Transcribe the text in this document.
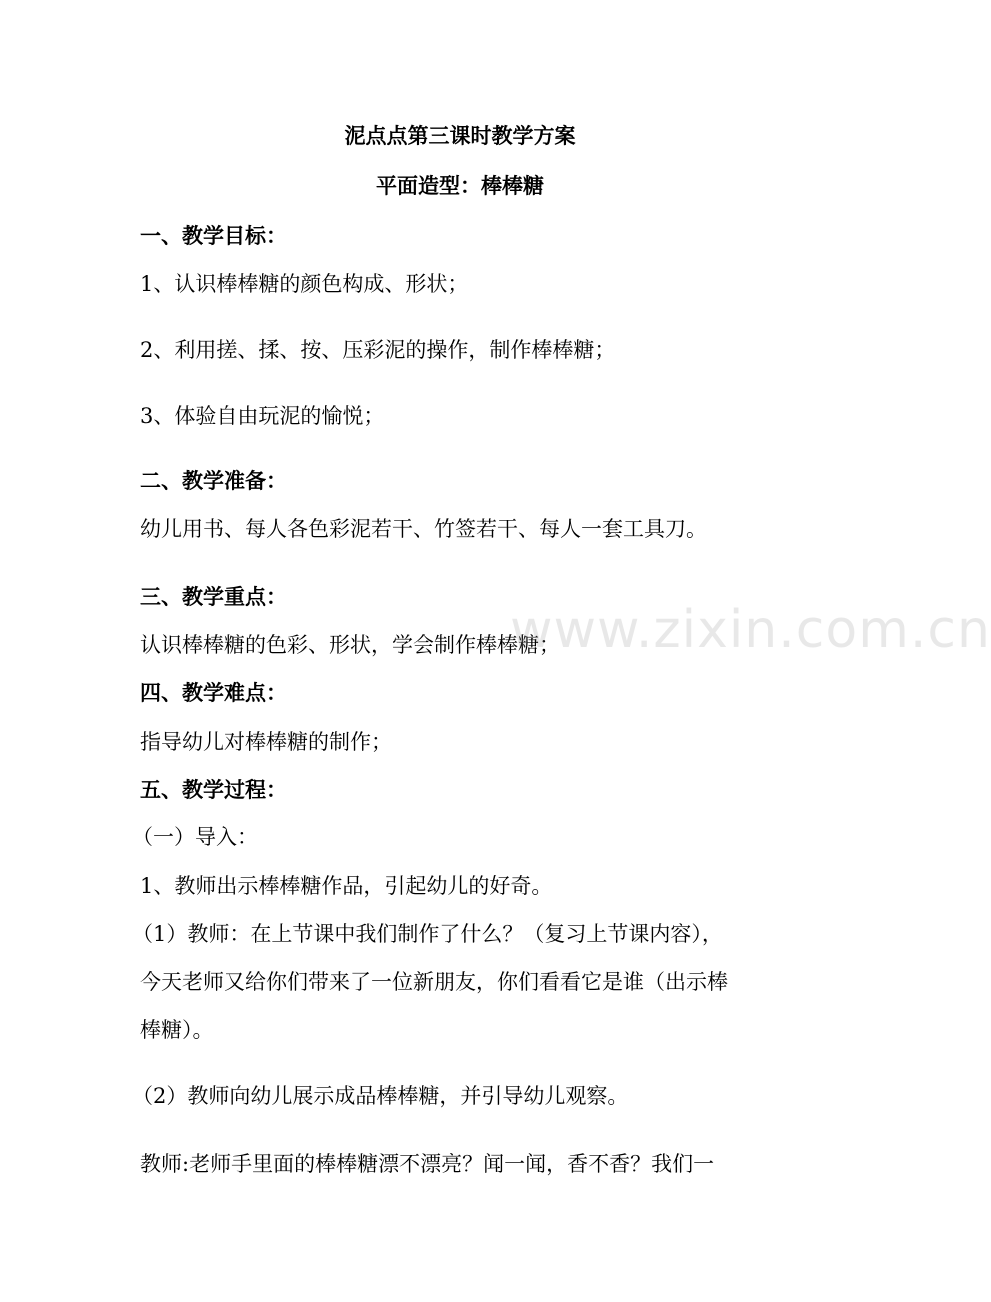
泥点点第三课时教学方案
平面造型：棒棒糖
一、教学目标：
1、认识棒棒糖的颜色构成、形状；
2、利用搓、揉、按、压彩泥的操作，制作棒棒糖；
3、体验自由玩泥的愉悦；
二、教学准备：
幼儿用书、每人各色彩泥若干、竹签若干、每人一套工具刀。
三、教学重点：
认识棒棒糖的色彩、形状，学会制作棒棒糖；
四、教学难点：
指导幼儿对棒棒糖的制作；
五、教学过程：
（一）导入：
1、教师出示棒棒糖作品，引起幼儿的好奇。
（1）教师：在上节课中我们制作了什么？（复习上节课内容），
今天老师又给你们带来了一位新朋友，你们看看它是谁（出示棒
棒糖）。
（2）教师向幼儿展示成品棒棒糖，并引导幼儿观察。
教师:老师手里面的棒棒糖漂不漂亮？闻一闻，香不香？我们一
www.zixin.com.cn
